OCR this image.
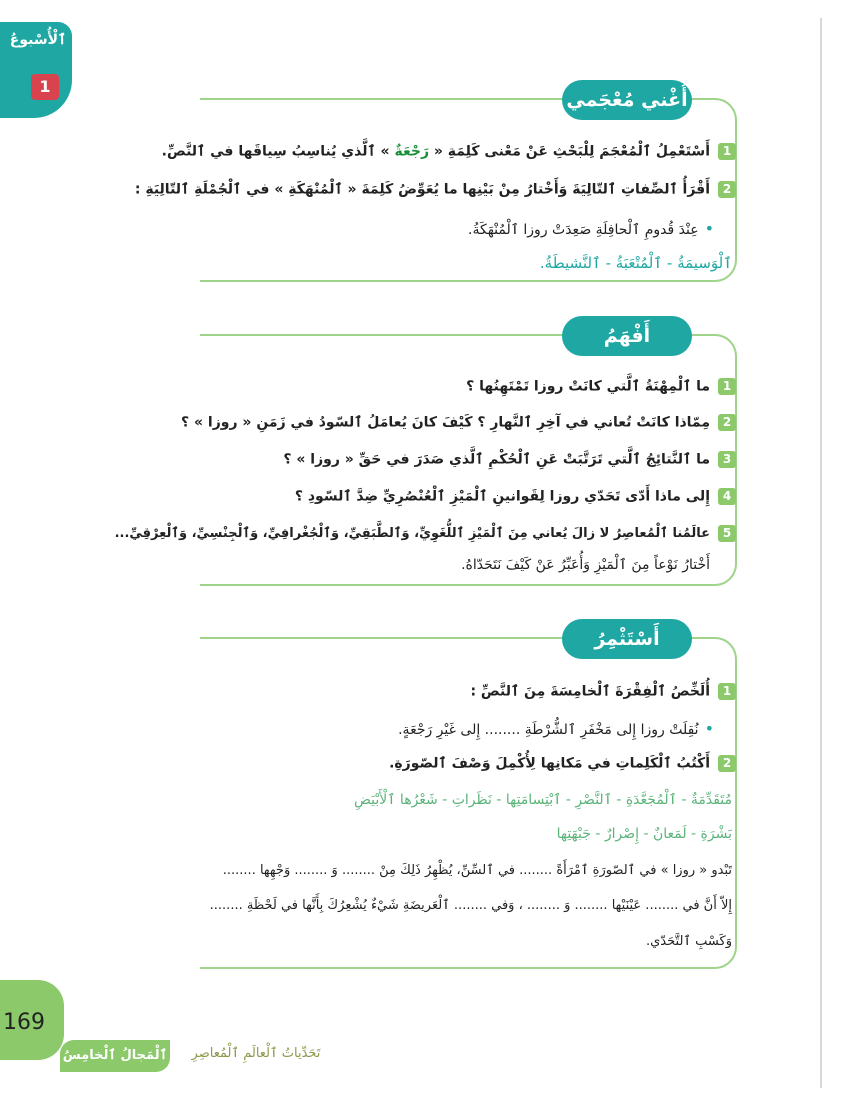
ٱلْأُسْبوعُ
1
أُغْني مُعْجَمي
1أَسْتَعْمِلُ ٱلْمُعْجَمَ لِلْبَحْثِ عَنْ مَعْنى كَلِمَةِ « رَجْعَةٌ » ٱلَّذي يُناسِبُ سِياقَها في ٱلنَّصِّ.
2أَقْرَأُ ٱلصِّفاتِ ٱلتّالِيَةَ وَأَخْتارُ مِنْ بَيْنِها ما يُعَوِّضُ كَلِمَةَ « ٱلْمُنْهَكَةِ » في ٱلْجُمْلَةِ ٱلتّالِيَةِ :
•عِنْدَ قُدومِ ٱلْحافِلَةِ صَعِدَتْ روزا ٱلْمُنْهَكَةُ.
ٱلْوَسيمَةُ - ٱلْمُتْعَبَةُ - ٱلنَّشيطَةُ.
أَفْهَمُ
1ما ٱلْمِهْنَةُ ٱلَّتي كانَتْ روزا تَمْتَهِنُها ؟
2مِمّاذا كانَتْ تُعاني في آخِرِ ٱلنَّهارِ ؟ كَيْفَ كانَ يُعامَلُ ٱلسّودُ في زَمَنِ « روزا » ؟
3ما ٱلنَّتائِجُ ٱلَّتي تَرَتَّبَتْ عَنِ ٱلْحُكْمِ ٱلَّذي صَدَرَ في حَقِّ « روزا » ؟
4إِلى ماذا أَدّى تَحَدّي روزا لِقَوانينِ ٱلْمَيْزِ ٱلْعُنْصُرِيِّ ضِدَّ ٱلسّودِ ؟
5عالَمُنا ٱلْمُعاصِرُ لا زالَ يُعاني مِنَ ٱلْمَيْزِ ٱللُّغَوِيِّ، وَٱلطَّبَقِيِّ، وَٱلْجُغْرافِيِّ، وَٱلْجِنْسِيِّ، وَٱلْعِرْقِيِّ...
أَخْتارُ نَوْعاً مِنَ ٱلْمَيْزِ وَأُعَبِّرُ عَنْ كَيْفَ نَتَحَدّاهُ.
أَسْتَثْمِرُ
1أُلَخِّصُ ٱلْفِقْرَةَ ٱلْخامِسَةَ مِنَ ٱلنَّصِّ :
•نُقِلَتْ روزا إِلى مَخْفَرِ ٱلشُّرْطَةِ ........ إِلى غَيْرِ رَجْعَةٍ.
2أَكْتُبُ ٱلْكَلِماتِ في مَكانِها لِأُكْمِلَ وَصْفَ ٱلصّورَةِ.
مُتَقَدِّمَةٌ - ٱلْمُجَعَّدَةِ - ٱلنَّصْرِ - ٱبْتِسامَتِها - نَظَراتِ - شَعْرُها ٱلْأَبْيَضِ
بَشْرَةِ - لَمَعانٌ - إِصْرارٌ - جَبْهَتِها
تَبْدو « روزا » في ٱلصّورَةِ ٱمْرَأَةً ........ في ٱلسِّنِّ، يُظْهِرُ ذَلِكَ مِنْ ........ وَ ........ وَجْهِها ........
إِلاّ أَنَّ في ........ عَيْنَيْها ........ وَ ........ ، وَفي ........ ٱلْعَريضَةِ شَيْءٌ يُشْعِرُكَ بِأَنَّها في لَحْظَةِ ........
وَكَسْبِ ٱلتَّحَدّي.
169
ٱلْمَجالُ ٱلْخامِسُ	تَحَدِّياتُ ٱلْعالَمِ ٱلْمُعاصِرِ
